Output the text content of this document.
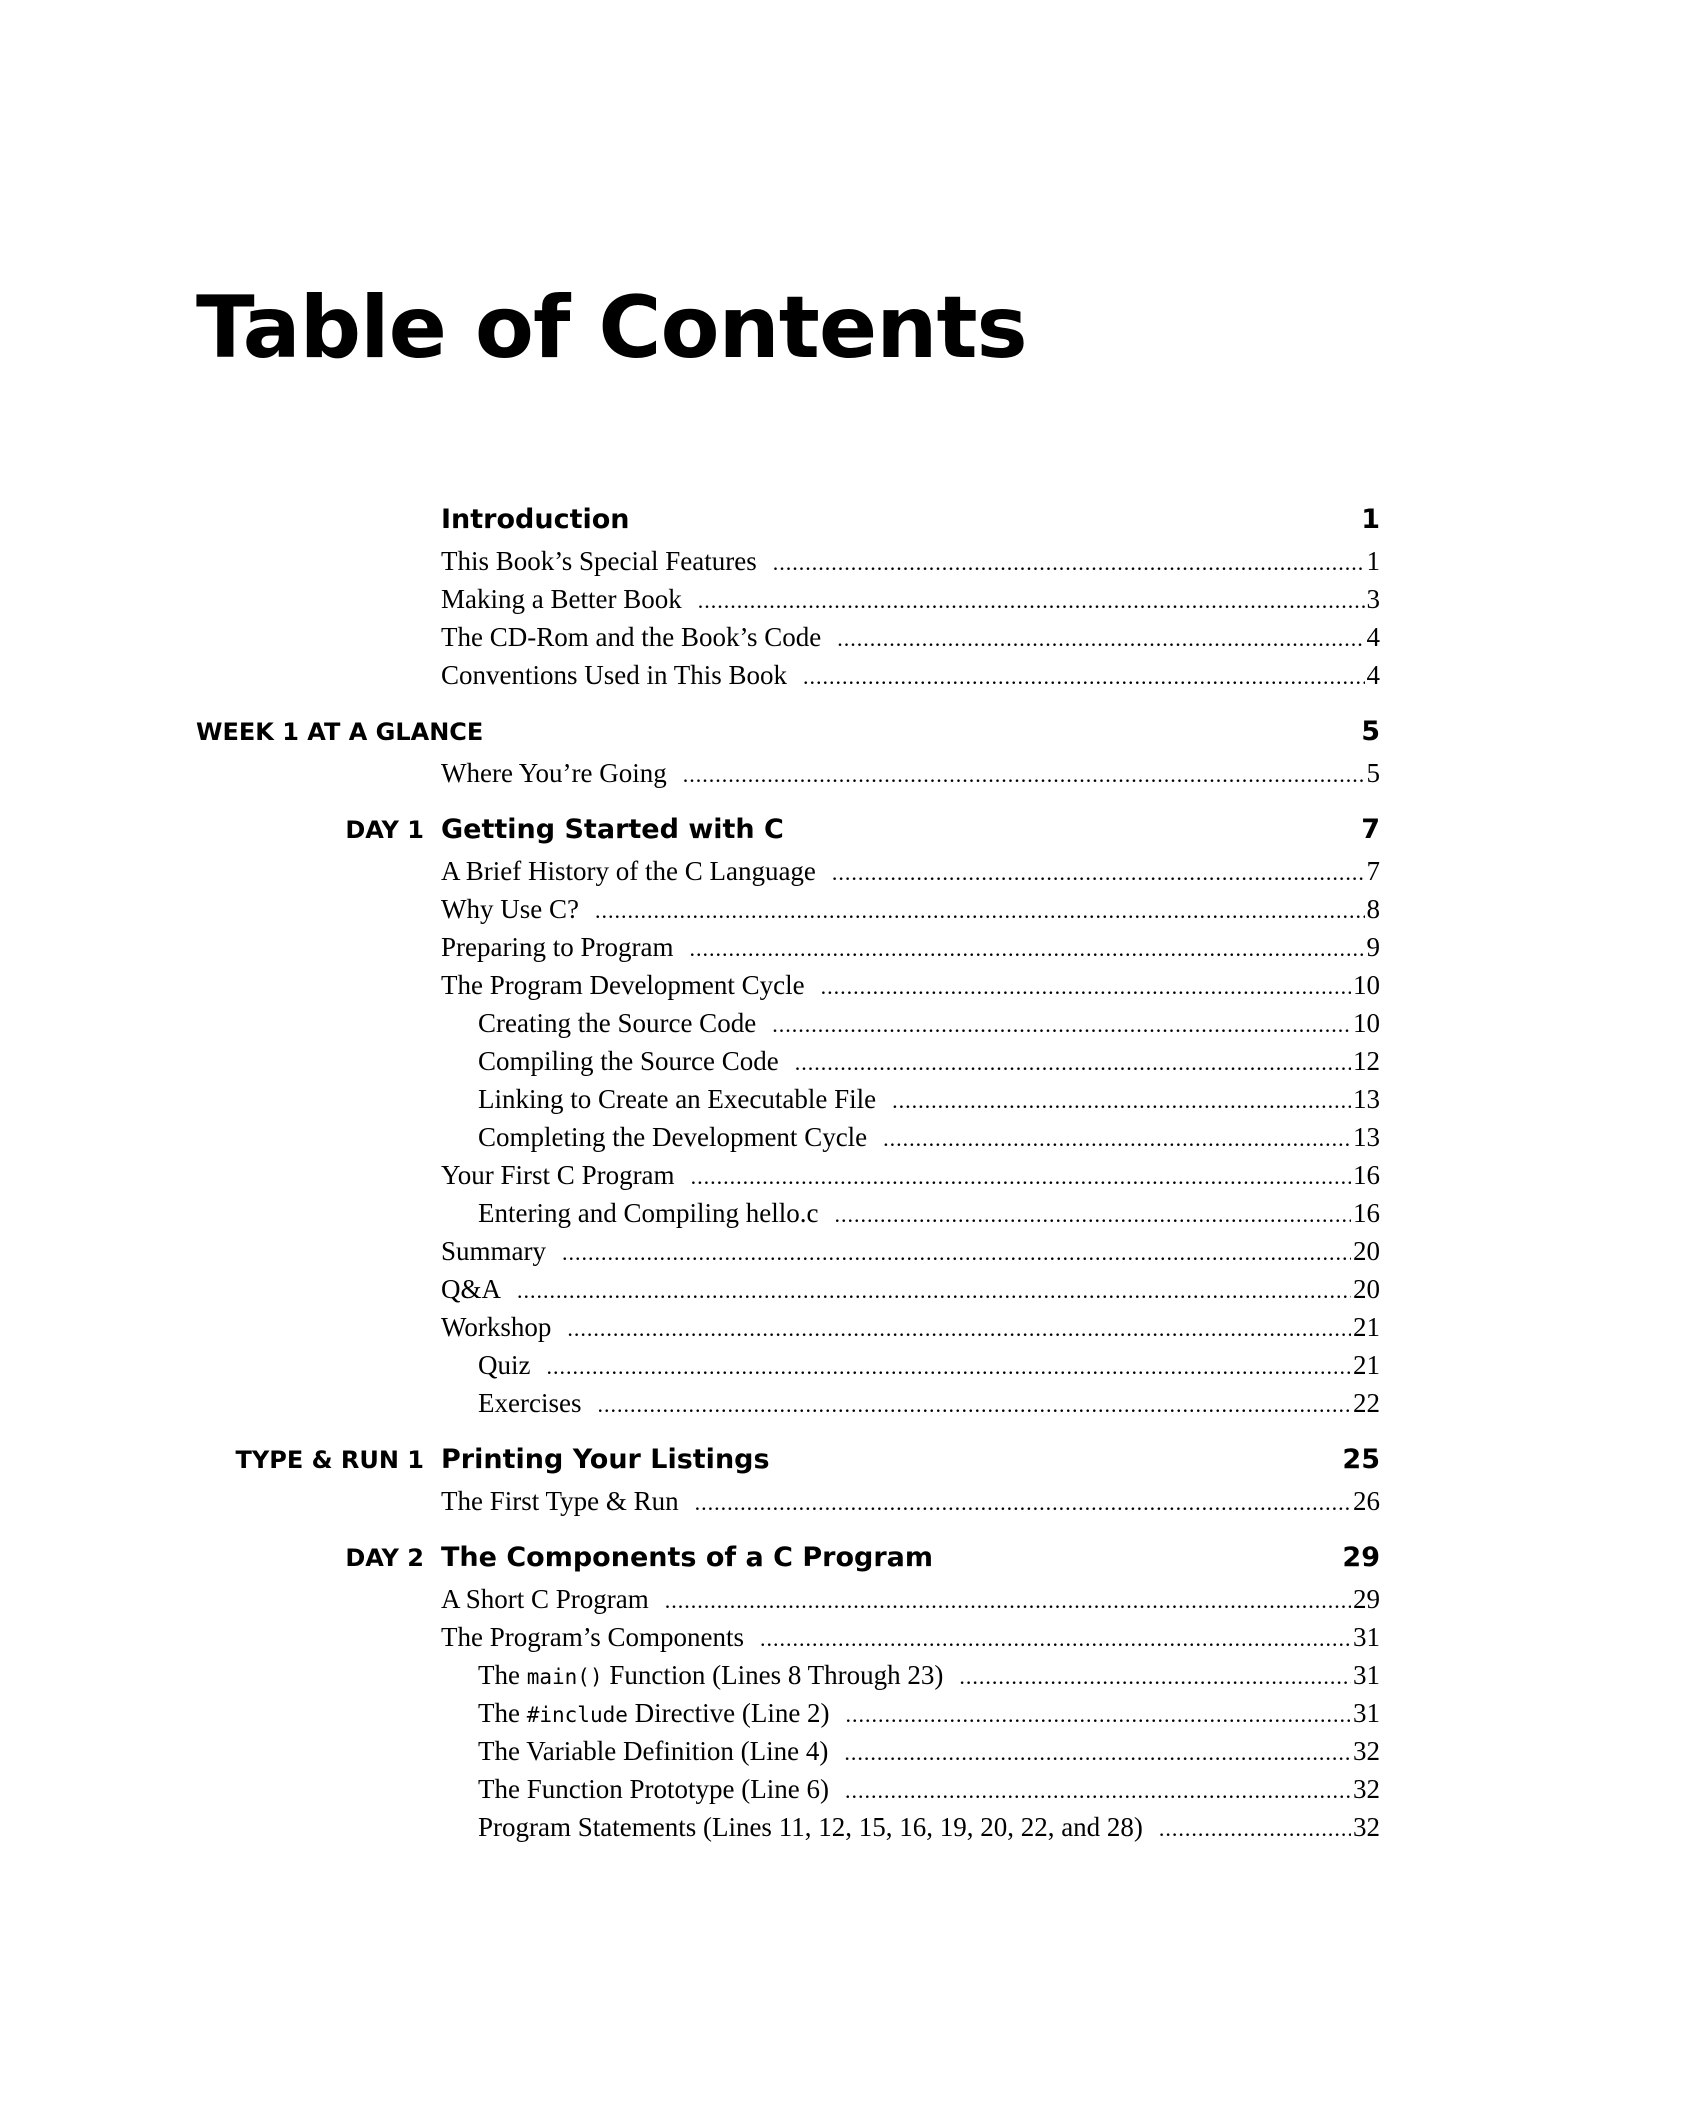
Table of Contents
Introduction	1
This Book’s Special Features .....	1
Making a Better Book .....	3
The CD-Rom and the Book’s Code .....	4
Conventions Used in This Book .....	4
WEEK 1 AT A GLANCE	5
Where You’re Going .....	5
DAY 1 Getting Started with C	7
A Brief History of the C Language .....	7
Why Use C? .....	8
Preparing to Program .....	9
The Program Development Cycle .....	10
Creating the Source Code .....	10
Compiling the Source Code .....	12
Linking to Create an Executable File .....	13
Completing the Development Cycle .....	13
Your First C Program .....	16
Entering and Compiling hello.c .....	16
Summary .....	20
Q&A .....	20
Workshop .....	21
Quiz .....	21
Exercises .....	22
TYPE & RUN 1 Printing Your Listings	25
The First Type & Run .....	26
DAY 2 The Components of a C Program	29
A Short C Program .....	29
The Program’s Components .....	31
The main() Function (Lines 8 Through 23) .....	31
The #include Directive (Line 2) .....	31
The Variable Definition (Line 4) .....	32
The Function Prototype (Line 6) .....	32
Program Statements (Lines 11, 12, 15, 16, 19, 20, 22, and 28) .....	32
